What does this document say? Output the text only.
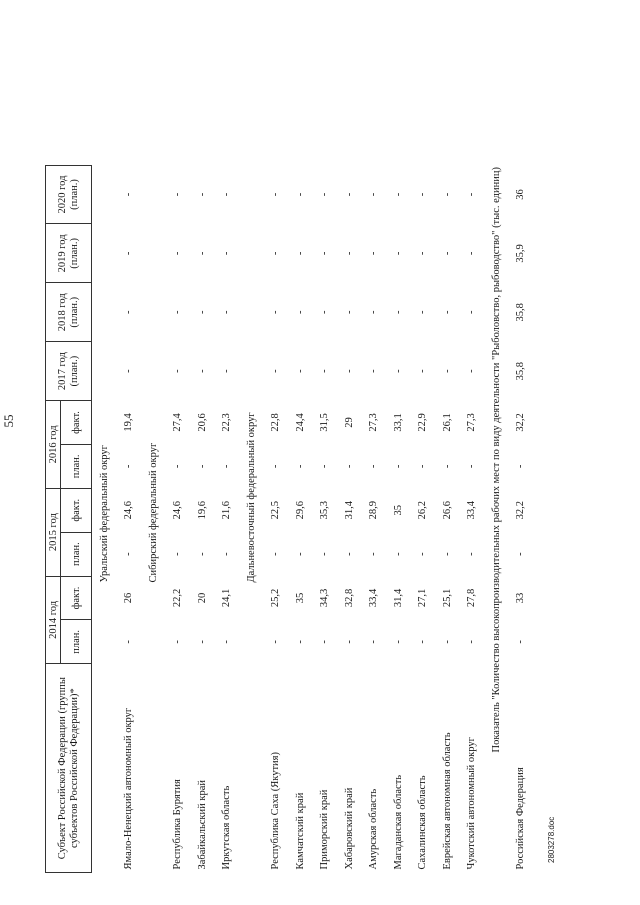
55
Субъект Российской Федерации (группы субъектов Российской Федерации)*	2014 год		2015 год		2016 год		2017 год (план.)	2018 год (план.)	2019 год (план.)	2020 год (план.)
	план.	факт.	план.	факт.	план.	факт.				
Уральский федеральный округ										
Ямало-Ненецкий автономный округ	-	26	-	24,6	-	19,4	-	-	-	-
Сибирский федеральный округ										
Республика Бурятия	-	22,2	-	24,6	-	27,4	-	-	-	-
Забайкальский край	-	20	-	19,6	-	20,6	-	-	-	-
Иркутская область	-	24,1	-	21,6	-	22,3	-	-	-	-
Дальневосточный федеральный округ										
Республика Саха (Якутия)	-	25,2	-	22,5	-	22,8	-	-	-	-
Камчатский край	-	35	-	29,6	-	24,4	-	-	-	-
Приморский край	-	34,3	-	35,3	-	31,5	-	-	-	-
Хабаровский край	-	32,8	-	31,4	-	29	-	-	-	-
Амурская область	-	33,4	-	28,9	-	27,3	-	-	-	-
Магаданская область	-	31,4	-	35	-	33,1	-	-	-	-
Сахалинская область	-	27,1	-	26,2	-	22,9	-	-	-	-
Еврейская автономная область	-	25,1	-	26,6	-	26,1	-	-	-	-
Чукотский автономный округ	-	27,8	-	33,4	-	27,3	-	-	-	-
Показатель "Количество высокопроизводительных рабочих мест по виду деятельности "Рыболовство, рыбоводство" (тыс. единиц)										
Российская Федерация	-	33	-	32,2	-	32,2	35,8	35,8	35,9	36
2803278.doc
